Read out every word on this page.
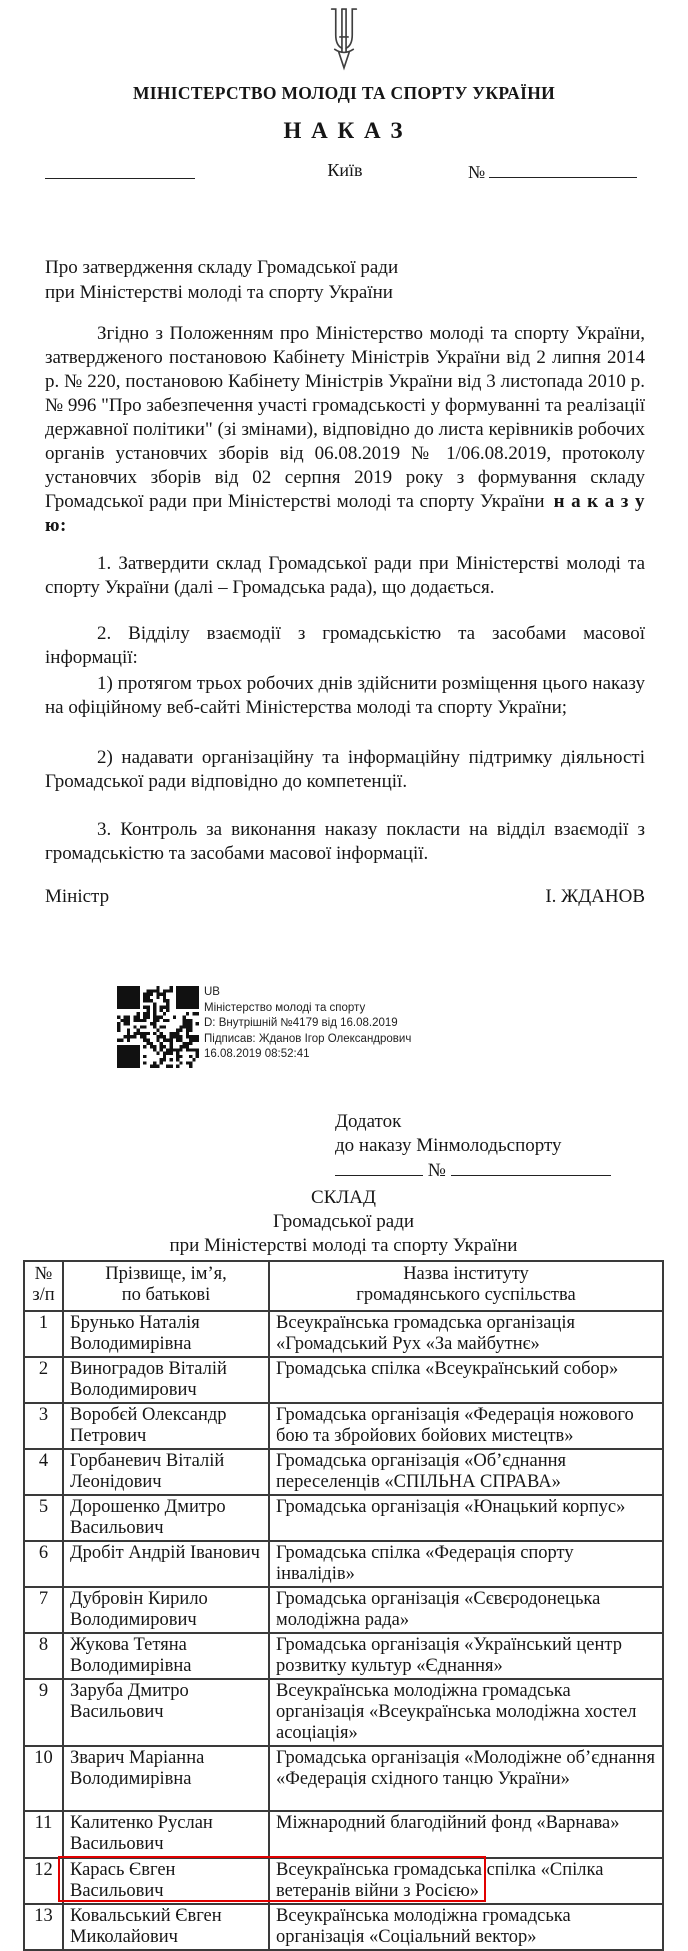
МІНІСТЕРСТВО МОЛОДІ ТА СПОРТУ УКРАЇНИ
Н А К А З
Київ	№
Про затвердження складу Громадської ради
при Міністерстві молоді та спорту України
Згідно з Положенням про Міністерство молоді та спорту України, затвердженого постановою Кабінету Міністрів України від 2 липня 2014 р. № 220, постановою Кабінету Міністрів України від 3 листопада 2010 р. № 996 "Про забезпечення участі громадськості у формуванні та реалізації державної політики" (зі змінами), відповідно до листа керівників робочих органів установчих зборів від 06.08.2019 № 1/06.08.2019, протоколу установчих зборів від 02 серпня 2019 року з формування складу Громадської ради при Міністерстві молоді та спорту України н а к а з у ю:
1. Затвердити склад Громадської ради при Міністерстві молоді та спорту України (далі – Громадська рада), що додається.
2. Відділу взаємодії з громадськістю та засобами масової інформації:
1) протягом трьох робочих днів здійснити розміщення цього наказу на офіційному веб-сайті Міністерства молоді та спорту України;
2) надавати організаційну та інформаційну підтримку діяльності Громадської ради відповідно до компетенції.
3. Контроль за виконання наказу покласти на відділ взаємодії з громадськістю та засобами масової інформації.
Міністр	І. ЖДАНОВ
UB
Міністерство молоді та спорту
D: Внутрішній №4179 від 16.08.2019
Підписав: Жданов Ігор Олександрович
16.08.2019 08:52:41
Додаток
до наказу Мінмолодьспорту
№
СКЛАД
Громадської ради
при Міністерстві молоді та спорту України
№
з/п

Прізвище, ім’я,
по батькові

Назва інституту
громадянського суспільства

1	Брунько Наталія Володимирівна	Всеукраїнська громадська організація «Громадський Рух «За майбутнє»
2	Виноградов Віталій Володимирович	Громадська спілка «Всеукраїнський собор»
3	Воробєй Олександр Петрович	Громадська організація «Федерація ножового бою та збройових бойових мистецтв»
4	Горбаневич Віталій Леонідович	Громадська організація «Об’єднання переселенців «СПІЛЬНА СПРАВА»
5	Дорошенко Дмитро Васильович	Громадська організація «Юнацький корпус»
6	Дробіт Андрій Іванович	Громадська спілка «Федерація спорту інвалідів»
7	Дубровін Кирило Володимирович	Громадська організація «Сєвєродонецька молодіжна рада»
8	Жукова Тетяна Володимирівна	Громадська організація «Український центр розвитку культур «Єднання»
9	Заруба Дмитро Васильович	Всеукраїнська молодіжна громадська організація «Всеукраїнська молодіжна хостел асоціація»
10	Зварич Маріанна Володимирівна	Громадська організація «Молодіжне об’єднання «Федерація східного танцю України»
11	Калитенко Руслан Васильович	Міжнародний благодійний фонд «Варнава»
12	Карась Євген Васильович	Всеукраїнська громадська спілка «Спілка ветеранів війни з Росією»
13	Ковальський Євген Миколайович	Всеукраїнська молодіжна громадська організація «Соціальний вектор»
